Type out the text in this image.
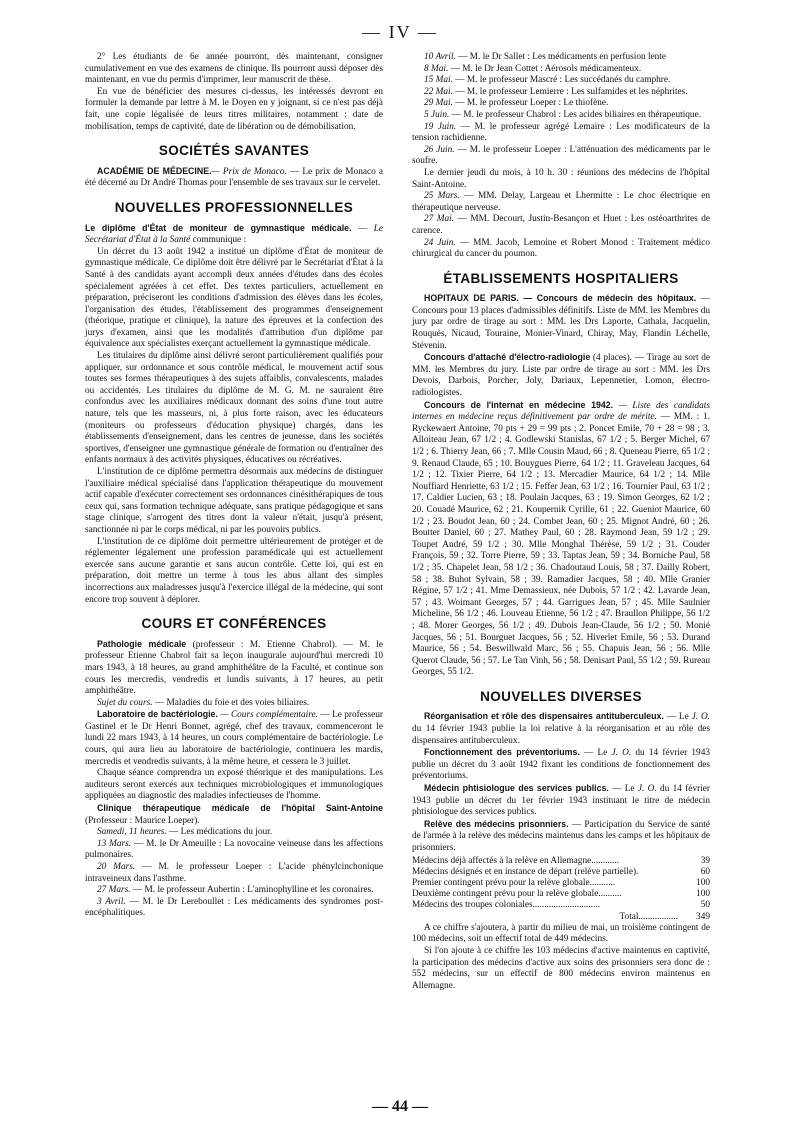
— IV —

2° Les étudiants de 6e année pourront, dès maintenant, consigner cumulativement en vue des examens de clinique. Ils pourront aussi déposer dès maintenant, en vue du permis d'imprimer, leur manuscrit de thèse.

En vue de bénéficier des mesures ci-dessus, les intéressés devront en formuler la demande par lettre à M. le Doyen en y joignant, si ce n'est pas déjà fait, une copie légalisée de leurs titres militaires, notamment : date de mobilisation, temps de captivité, date de libération ou de démobilisation.

SOCIÉTÉS SAVANTES

ACADÉMIE DE MÉDECINE.— Prix de Monaco. — Le prix de Monaco a été décerné au Dr André Thomas pour l'ensemble de ses travaux sur le cervelet.

NOUVELLES PROFESSIONNELLES

Le diplôme d'État de moniteur de gymnastique médicale. — Le Secrétariat d'État à la Santé communique :

Un décret du 13 août 1942 a institué un diplôme d'État de moniteur de gymnastique médicale. Ce diplôme doit être délivré par le Secrétariat d'État à la Santé à des candidats ayant accompli deux années d'études dans des écoles spécialement agréées à cet effet. Des textes particuliers, actuellement en préparation, préciseront les conditions d'admission des élèves dans les écoles, l'organisation des études, l'établissement des programmes d'enseignement (théorique, pratique et clinique), la nature des épreuves et la confection des jurys d'examen, ainsi que les modalités d'attribution d'un diplôme par équivalence aux spécialistes exerçant actuellement la gymnastique médicale.

Les titulaires du diplôme ainsi délivré seront particulièrement qualifiés pour appliquer, sur ordonnance et sous contrôle médical, le mouvement actif sous toutes ses formes thérapeutiques à des sujets affaiblis, convalescents, malades ou accidentés. Les titulaires du diplôme de M. G. M. ne sauraient être confondus avec les auxiliaires médicaux donnant des soins d'une tout autre nature, tels que les masseurs, ni, à plus forte raison, avec les éducateurs (moniteurs ou professeurs d'éducation physique) chargés, dans les établissements d'enseignement, dans les centres de jeunesse, dans les sociétés sportives, d'enseigner une gymnastique générale de formation ou d'entraîner des enfants normaux à des activités physiques, éducatives ou récréatives.

L'institution de ce diplôme permettra désormais aux médecins de distinguer l'auxiliaire médical spécialisé dans l'application thérapeutique du mouvement actif capable d'exécuter correctement ses ordonnances cinésithérapiques de tous ceux qui, sans formation technique adéquate, sans pratique pédagogique et sans stage clinique, s'arrogent des titres dont la valeur n'était, jusqu'à présent, sanctionnée ni par le corps médical, ni par les pouvoirs publics.

L'institution de ce diplôme doit permettre ultérieurement de protéger et de réglementer légalement une profession paramédicale qui est actuellement exercée sans aucune garantie et sans aucun contrôle. Cette loi, qui est en préparation, doit mettre un terme à tous les abus allant des simples incorrections aux maladresses jusqu'à l'exercice illégal de la médecine, qui sont encore trop souvent à déplorer.

COURS ET CONFÉRENCES

Pathologie médicale (professeur : M. Etienne Chabrol). — M. le professeur Etienne Chabrol fait sa leçon inaugurale aujourd'hui mercredi 10 mars 1943, à 18 heures, au grand amphithéâtre de la Faculté, et continue son cours les mercredis, vendredis et lundis suivants, à 17 heures, au petit amphithéâtre.

Sujet du cours. — Maladies du foie et des voies biliaires.

Laboratoire de bactériologie. — Cours complémentaire. — Le professeur Gastinel et le Dr Henri Bonnet, agrégé, chef des travaux, commenceront le lundi 22 mars 1943, à 14 heures, un cours complémentaire de bactériologie. Le cours, qui aura lieu au laboratoire de bactériologie, continuera les mardis, mercredis et vendredis suivants, à la même heure, et cessera le 3 juillet.

Chaque séance comprendra un exposé théorique et des manipulations. Les auditeurs seront exercés aux techniques microbiologiques et immunologiques appliquées au diagnostic des maladies infectieuses de l'homme.

Clinique thérapeutique médicale de l'hôpital Saint-Antoine (Professeur : Maurice Loeper).

Samedi, 11 heures. — Les médications du jour.

13 Mars. — M. le Dr Ameuille : La novocaïne veineuse dans les affections pulmonaires.

20 Mars. — M. le professeur Loeper : L'acide phénylcinchonique intraveineux dans l'asthme.

27 Mars. — M. le professeur Aubertin : L'aminophylline et les coronaires.

3 Avril. — M. le Dr Lereboullet : Les médicaments des syndromes post-encéphalitiques.

10 Avril. — M. le Dr Sallet : Les médicaments en perfusion lente

8 Mai. — M. le Dr Jean Cottet : Aérosols médicamenteux.

15 Mai. — M. le professeur Mascré : Les succédanés du camphre.

22 Mai. — M. le professeur Lemierre : Les sulfamides et les néphrites.

29 Mai. — M. le professeur Loeper : Le thiofène.

5 Juin. — M. le professeur Chabrol : Les acides biliaires en thérapeutique.

19 Juin. — M. le professeur agrégé Lemaire : Les modificateurs de la tension rachidienne.

26 Juin. — M. le professeur Loeper : L'atténuation des médicaments par le soufre.

Le dernier jeudi du mois, à 10 h. 30 : réunions des médecins de l'hôpital Saint-Antoine.

25 Mars. — MM. Delay, Largeau et Lhermitte : Le choc électrique en thérapeutique nerveuse.

27 Mai. — MM. Decourt, Justin-Besançon et Huet : Les ostéoarthrites de carence.

24 Juin. — MM. Jacob, Lemoine et Robert Monod : Traitement médico chirurgical du cancer du poumon.

ÉTABLISSEMENTS HOSPITALIERS

HOPITAUX DE PARIS. — Concours de médecin des hôpitaux. — Concours pour 13 places d'admissibles définitifs. Liste de MM. les Membres du jury par ordre de tirage au sort : MM. les Drs Laporte, Cathala, Jacquelin, Rouquès, Nicaud, Touraine, Monier-Vinard, Chiray, May, Flandin Léchelle, Stévenin.

Concours d'attaché d'électro-radiologie (4 places). — Tirage au sort de MM. les Membres du jury. Liste par ordre de tirage au sort : MM. les Drs Devois, Darbois, Porcher, Joly, Dariaux, Lepennetier, Lomon, électro-radiologistes.

Concours de l'internat en médecine 1942. — Liste des candidats internes en médecine reçus définitivement par ordre de mérite. — MM. : 1. Ryckewaert Antoine, 70 pts + 29 = 99 pts ; 2. Poncet Emile, 70 + 28 = 98 ; 3. Alloiteau Jean, 67 1/2 ; 4. Godlewski Stanislas, 67 1/2 ; 5. Berger Michel, 67 1/2 ; 6. Thierry Jean, 66 ; 7. Mlle Cousin Maud, 66 ; 8. Queneau Pierre, 65 1/2 ; 9. Renaud Claude, 65 ; 10. Bouygues Pierre, 64 1/2 ; 11. Graveleau Jacques, 64 1/2 ; 12. Tixier Pierre, 64 1/2 ; 13. Mercadier Maurice, 64 1/2 ; 14. Mlle Nouffiard Henriette, 63 1/2 ; 15. Feffer Jean, 63 1/2 ; 16. Tournier Paul, 63 1/2 ; 17. Caldier Lucien, 63 ; 18. Poulain Jacques, 63 ; 19. Simon Georges, 62 1/2 ; 20. Couadé Maurice, 62 ; 21. Koupernik Cyrille, 61 ; 22. Gueniot Maurice, 60 1/2 ; 23. Boudot Jean, 60 ; 24. Combet Jean, 60 ; 25. Mignot André, 60 ; 26. Boutter Daniel, 60 ; 27. Mathey Paul, 60 ; 28. Raymond Jean, 59 1/2 ; 29. Toupet André, 59 1/2 ; 30. Mlle Monghal Thérèse, 59 1/2 ; 31. Couder François, 59 ; 32. Torre Pierre, 59 ; 33. Taptas Jean, 59 ; 34. Borniche Paul, 58 1/2 ; 35. Chapelet Jean, 58 1/2 ; 36. Chadoutaud Louis, 58 ; 37. Dailly Robert, 58 ; 38. Buhot Sylvain, 58 ; 39. Ramadier Jacques, 58 ; 40. Mlle Granier Régine, 57 1/2 ; 41. Mme Demassieux, née Dubois, 57 1/2 ; 42. Lavarde Jean, 57 ; 43. Woimant Georges, 57 ; 44. Garrigues Jean, 57 ; 45. Mlle Saulnier Micheline, 56 1/2 ; 46. Louveau Etienne, 56 1/2 ; 47. Braullon Philippe, 56 1/2 ; 48. Morer Georges, 56 1/2 ; 49. Dubois Jean-Claude, 56 1/2 ; 50. Monié Jacques, 56 ; 51. Bourguet Jacques, 56 ; 52. Hiverlet Emile, 56 ; 53. Durand Maurice, 56 ; 54. Beswillwald Marc, 56 ; 55. Chapuis Jean, 56 ; 56. Mlle Querot Claude, 56 ; 57. Le Tan Vinh, 56 ; 58. Denisart Paul, 55 1/2 ; 59. Rureau Georges, 55 1/2.

NOUVELLES DIVERSES

Réorganisation et rôle des dispensaires antituberculeux. — Le J. O. du 14 février 1943 publie la loi relative à la réorganisation et au rôle des dispensaires antituberculeux.

Fonctionnement des préventoriums. — Le J. O. du 14 février 1943 publie un décret du 3 août 1942 fixant les conditions de fonctionnement des préventoriums.

Médecin phtisiologue des services publics. — Le J. O. du 14 février 1943 publie un décret du 1er février 1943 instituant le titre de médecin phtisiologue des services publics.

Relève des médecins prisonniers. — Participation du Service de santé de l'armée à la relève des médecins maintenus dans les camps et les hôpitaux de prisonniers.

Médecins déjà affectés à la relève en Allemagne............	39
Médecins désignés et en instance de départ (relève partielle).	60
Premier contingent prévu pour la relève globale...........	100
Deuxième contingent prévu pour la relève globale..........	100
Médecins des troupes coloniales.............................	50
Total.................	349

A ce chiffre s'ajoutera, à partir du milieu de mai, un troisième contingent de 100 médecins, soit un effectif total de 449 médecins.

Si l'on ajoute à ce chiffre les 103 médecins d'active maintenus en captivité, la participation des médecins d'active aux soins des prisonniers sera donc de : 552 médecins, sur un effectif de 800 médecins environ maintenus en Allemagne.

— 44 —
